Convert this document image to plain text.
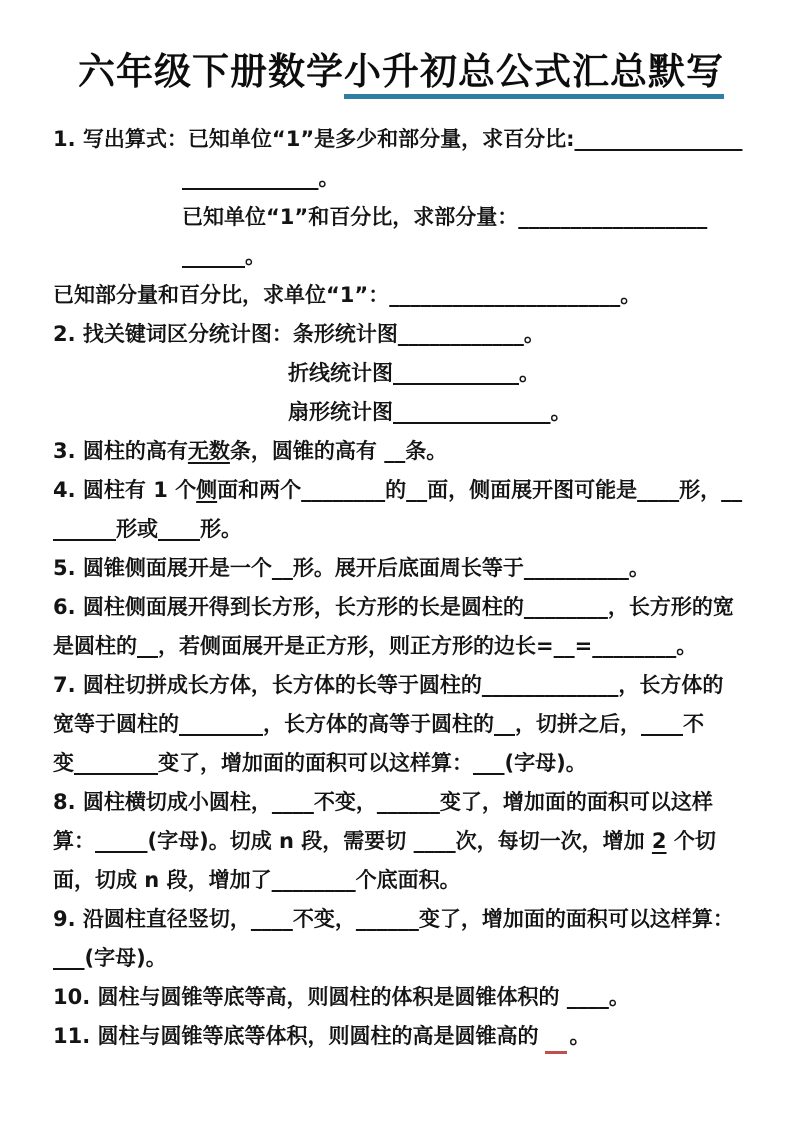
六年级下册数学小升初总公式汇总默写
1. 写出算式：已知单位“1”是多少和部分量，求百分比:________________
_____________。
已知单位“1”和百分比，求部分量：__________________
______。
已知部分量和百分比，求单位“1”：______________________。
2. 找关键词区分统计图：条形统计图____________。
折线统计图____________。
扇形统计图_______________。
3. 圆柱的高有无数条，圆锥的高有 __条。
4. 圆柱有 1 个侧面和两个________的__面，侧面展开图可能是____形，__
______形或____形。
5. 圆锥侧面展开是一个__形。展开后底面周长等于__________。
6. 圆柱侧面展开得到长方形，长方形的长是圆柱的________，长方形的宽
是圆柱的__，若侧面展开是正方形，则正方形的边长=__=________。
7. 圆柱切拼成长方体，长方体的长等于圆柱的_____________，长方体的
宽等于圆柱的________，长方体的高等于圆柱的__，切拼之后，____不
变________变了，增加面的面积可以这样算：___(字母)。
8. 圆柱横切成小圆柱，____不变，______变了，增加面的面积可以这样
算：_____(字母)。切成 n 段，需要切 ____次，每切一次，增加 2 个切
面，切成 n 段，增加了________个底面积。
9. 沿圆柱直径竖切，____不变，______变了，增加面的面积可以这样算：
___(字母)。
10. 圆柱与圆锥等底等高，则圆柱的体积是圆锥体积的 ____。
11. 圆柱与圆锥等底等体积，则圆柱的高是圆锥高的 。
